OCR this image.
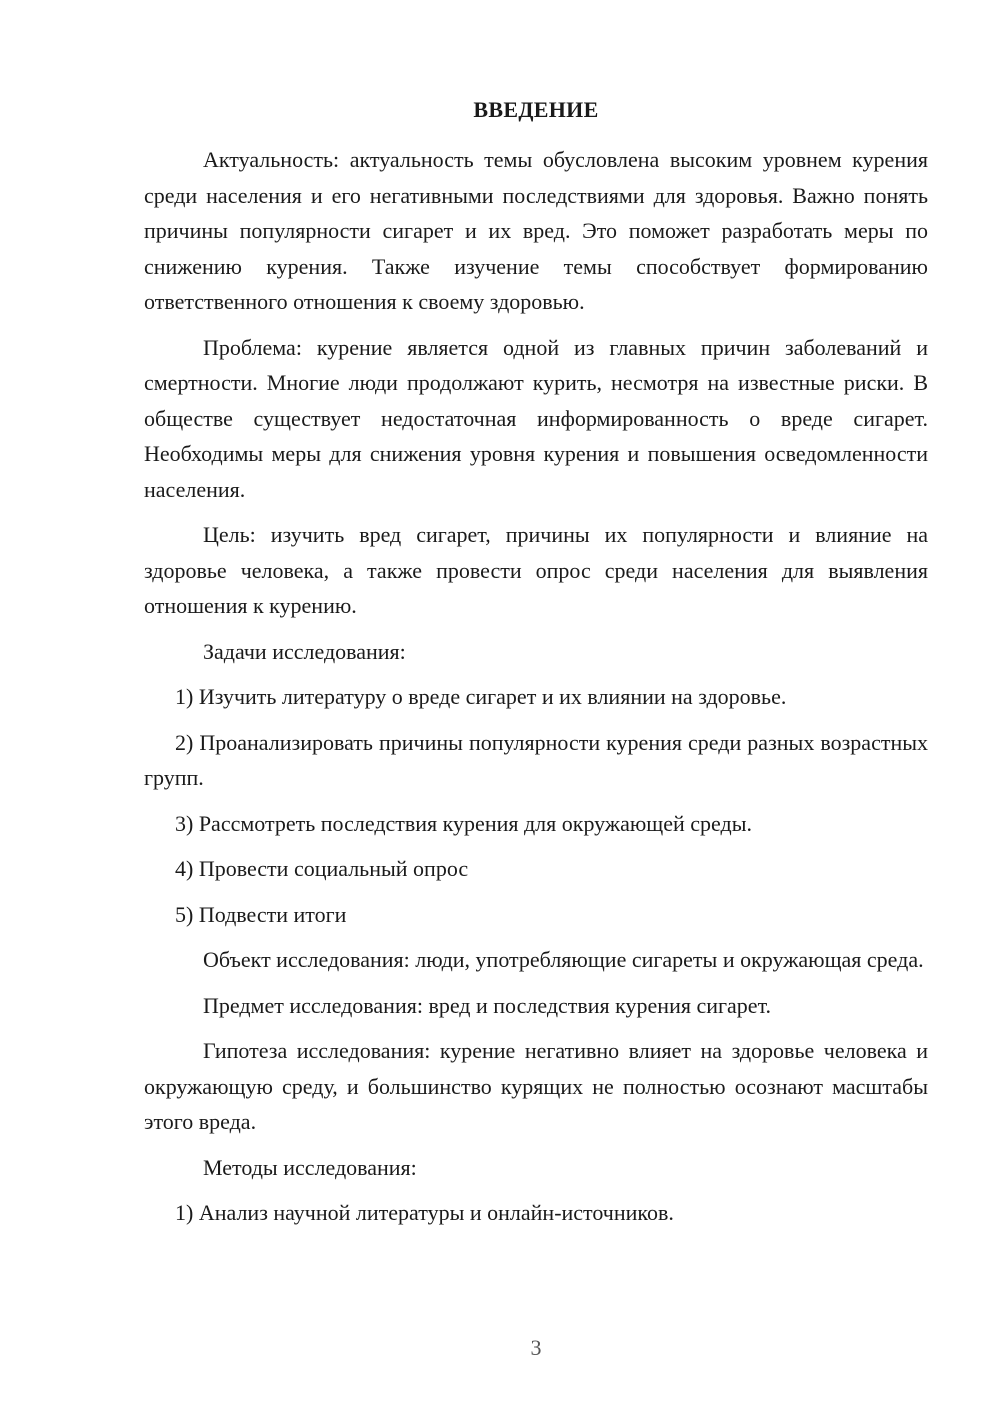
ВВЕДЕНИЕ

Актуальность: актуальность темы обусловлена высоким уровнем курения среди населения и его негативными последствиями для здоровья. Важно понять причины популярности сигарет и их вред. Это поможет разработать меры по снижению курения. Также изучение темы способствует формированию ответственного отношения к своему здоровью.

Проблема: курение является одной из главных причин заболеваний и смертности. Многие люди продолжают курить, несмотря на известные риски. В обществе существует недостаточная информированность о вреде сигарет. Необходимы меры для снижения уровня курения и повышения осведомленности населения.

Цель: изучить вред сигарет, причины их популярности и влияние на здоровье человека, а также провести опрос среди населения для выявления отношения к курению.

Задачи исследования:

1) Изучить литературу о вреде сигарет и их влиянии на здоровье.

2) Проанализировать причины популярности курения среди разных возрастных групп.

3) Рассмотреть последствия курения для окружающей среды.

4) Провести социальный опрос

5) Подвести итоги

Объект исследования: люди, употребляющие сигареты и окружающая среда.

Предмет исследования: вред и последствия курения сигарет.

Гипотеза исследования: курение негативно влияет на здоровье человека и окружающую среду, и большинство курящих не полностью осознают масштабы этого вреда.

Методы исследования:

1) Анализ научной литературы и онлайн-источников.

3
